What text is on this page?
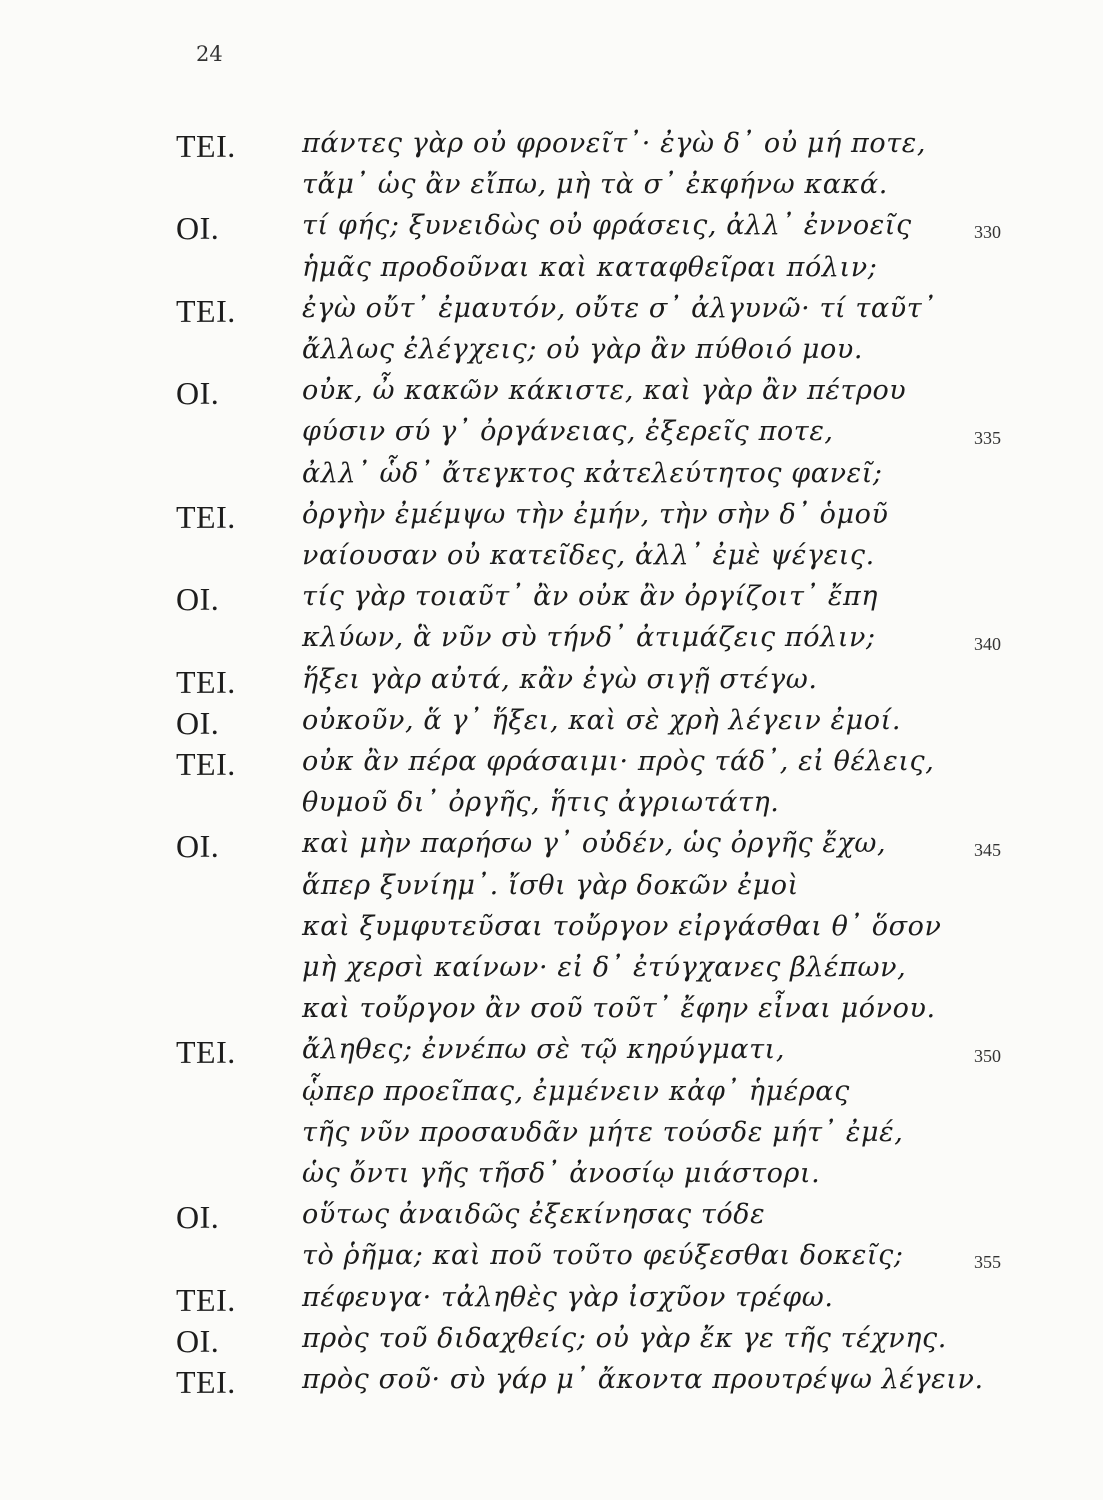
24
ΤΕΙ. πάντες γὰρ οὐ φρονεῖτ᾽· ἐγὼ δ᾽ οὐ μή ποτε,
τἄμ᾽ ὡς ἂν εἴπω, μὴ τὰ σ᾽ ἐκφήνω κακά.
ΟΙ.	τί φής; ξυνειδὼς οὐ φράσεις, ἀλλ᾽ ἐννοεῖς	330
ἡμᾶς προδοῦναι καὶ καταφθεῖραι πόλιν;
ΤΕΙ. ἐγὼ οὔτ᾽ ἐμαυτόν, οὔτε σ᾽ ἀλγυνῶ· τί ταῦτ᾽
ἄλλως ἐλέγχεις; οὐ γὰρ ἂν πύθοιό μου.
ΟΙ.	οὐκ, ὦ κακῶν κάκιστε, καὶ γὰρ ἂν πέτρου
φύσιν σύ γ᾽ ὀργάνειας, ἐξερεῖς ποτε,	335
ἀλλ᾽ ὧδ᾽ ἄτεγκτος κἀτελεύτητος φανεῖ;
ΤΕΙ. ὀργὴν ἐμέμψω τὴν ἐμήν, τὴν σὴν δ᾽ ὁμοῦ
ναίουσαν οὐ κατεῖδες, ἀλλ᾽ ἐμὲ ψέγεις.
ΟΙ.	τίς γὰρ τοιαῦτ᾽ ἂν οὐκ ἂν ὀργίζοιτ᾽ ἔπη
κλύων, ἃ νῦν σὺ τήνδ᾽ ἀτιμάζεις πόλιν;	340
ΤΕΙ. ἥξει γὰρ αὐτά, κἂν ἐγὼ σιγῇ στέγω.
ΟΙ.	οὐκοῦν, ἅ γ᾽ ἥξει, καὶ σὲ χρὴ λέγειν ἐμοί.
ΤΕΙ. οὐκ ἂν πέρα φράσαιμι· πρὸς τάδ᾽, εἰ θέλεις,
θυμοῦ δι᾽ ὀργῆς, ἥτις ἀγριωτάτη.
ΟΙ.	καὶ μὴν παρήσω γ᾽ οὐδέν, ὡς ὀργῆς ἔχω,	345
ἅπερ ξυνίημ᾽. ἴσθι γὰρ δοκῶν ἐμοὶ
καὶ ξυμφυτεῦσαι τοὔργον εἰργάσθαι θ᾽ ὅσον
μὴ χερσὶ καίνων· εἰ δ᾽ ἐτύγχανες βλέπων,
καὶ τοὔργον ἂν σοῦ τοῦτ᾽ ἔφην εἶναι μόνου.
ΤΕΙ. ἄληθες; ἐννέπω σὲ τῷ κηρύγματι,	350
ᾧπερ προεῖπας, ἐμμένειν κἀφ᾽ ἡμέρας
τῆς νῦν προσαυδᾶν μήτε τούσδε μήτ᾽ ἐμέ,
ὡς ὄντι γῆς τῆσδ᾽ ἀνοσίῳ μιάστορι.
ΟΙ.	οὕτως ἀναιδῶς ἐξεκίνησας τόδε
τὸ ῥῆμα; καὶ ποῦ τοῦτο φεύξεσθαι δοκεῖς;	355
ΤΕΙ. πέφευγα· τἀληθὲς γὰρ ἰσχῦον τρέφω.
ΟΙ.	πρὸς τοῦ διδαχθείς; οὐ γὰρ ἔκ γε τῆς τέχνης.
ΤΕΙ. πρὸς σοῦ· σὺ γάρ μ᾽ ἄκοντα προυτρέψω λέγειν.
